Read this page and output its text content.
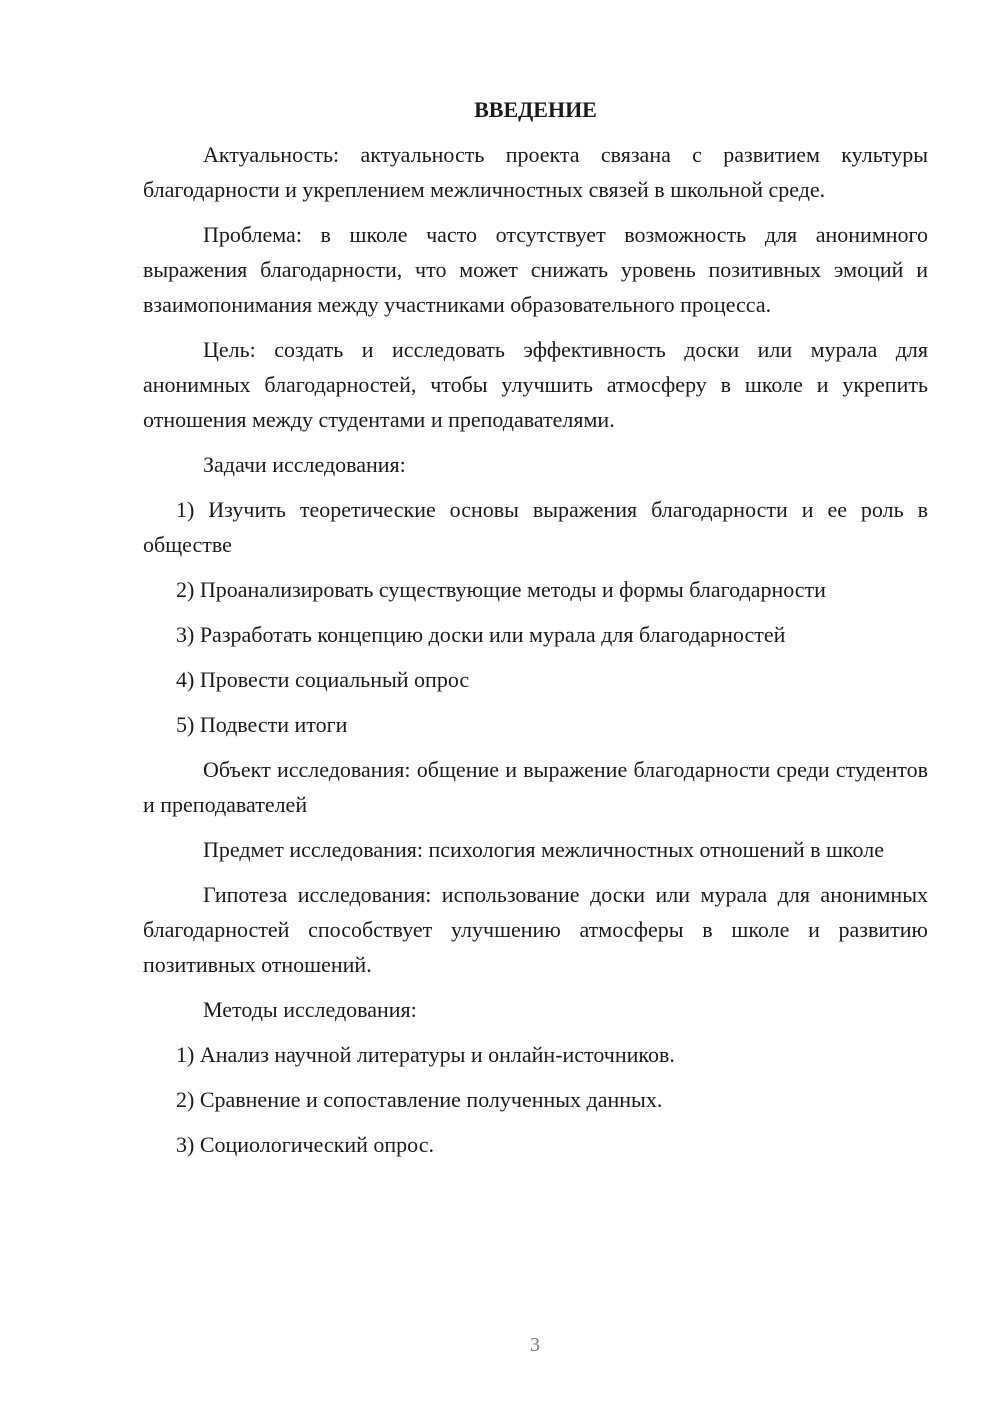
ВВЕДЕНИЕ

Актуальность: актуальность проекта связана с развитием культуры благодарности и укреплением межличностных связей в школьной среде.

Проблема: в школе часто отсутствует возможность для анонимного выражения благодарности, что может снижать уровень позитивных эмоций и взаимопонимания между участниками образовательного процесса.

Цель: создать и исследовать эффективность доски или мурала для анонимных благодарностей, чтобы улучшить атмосферу в школе и укрепить отношения между студентами и преподавателями.

Задачи исследования:

1) Изучить теоретические основы выражения благодарности и ее роль в обществе

2) Проанализировать существующие методы и формы благодарности

3) Разработать концепцию доски или мурала для благодарностей

4) Провести социальный опрос

5) Подвести итоги

Объект исследования: общение и выражение благодарности среди студентов и преподавателей

Предмет исследования: психология межличностных отношений в школе

Гипотеза исследования: использование доски или мурала для анонимных благодарностей способствует улучшению атмосферы в школе и развитию позитивных отношений.

Методы исследования:

1) Анализ научной литературы и онлайн-источников.

2) Сравнение и сопоставление полученных данных.

3) Социологический опрос.

3
